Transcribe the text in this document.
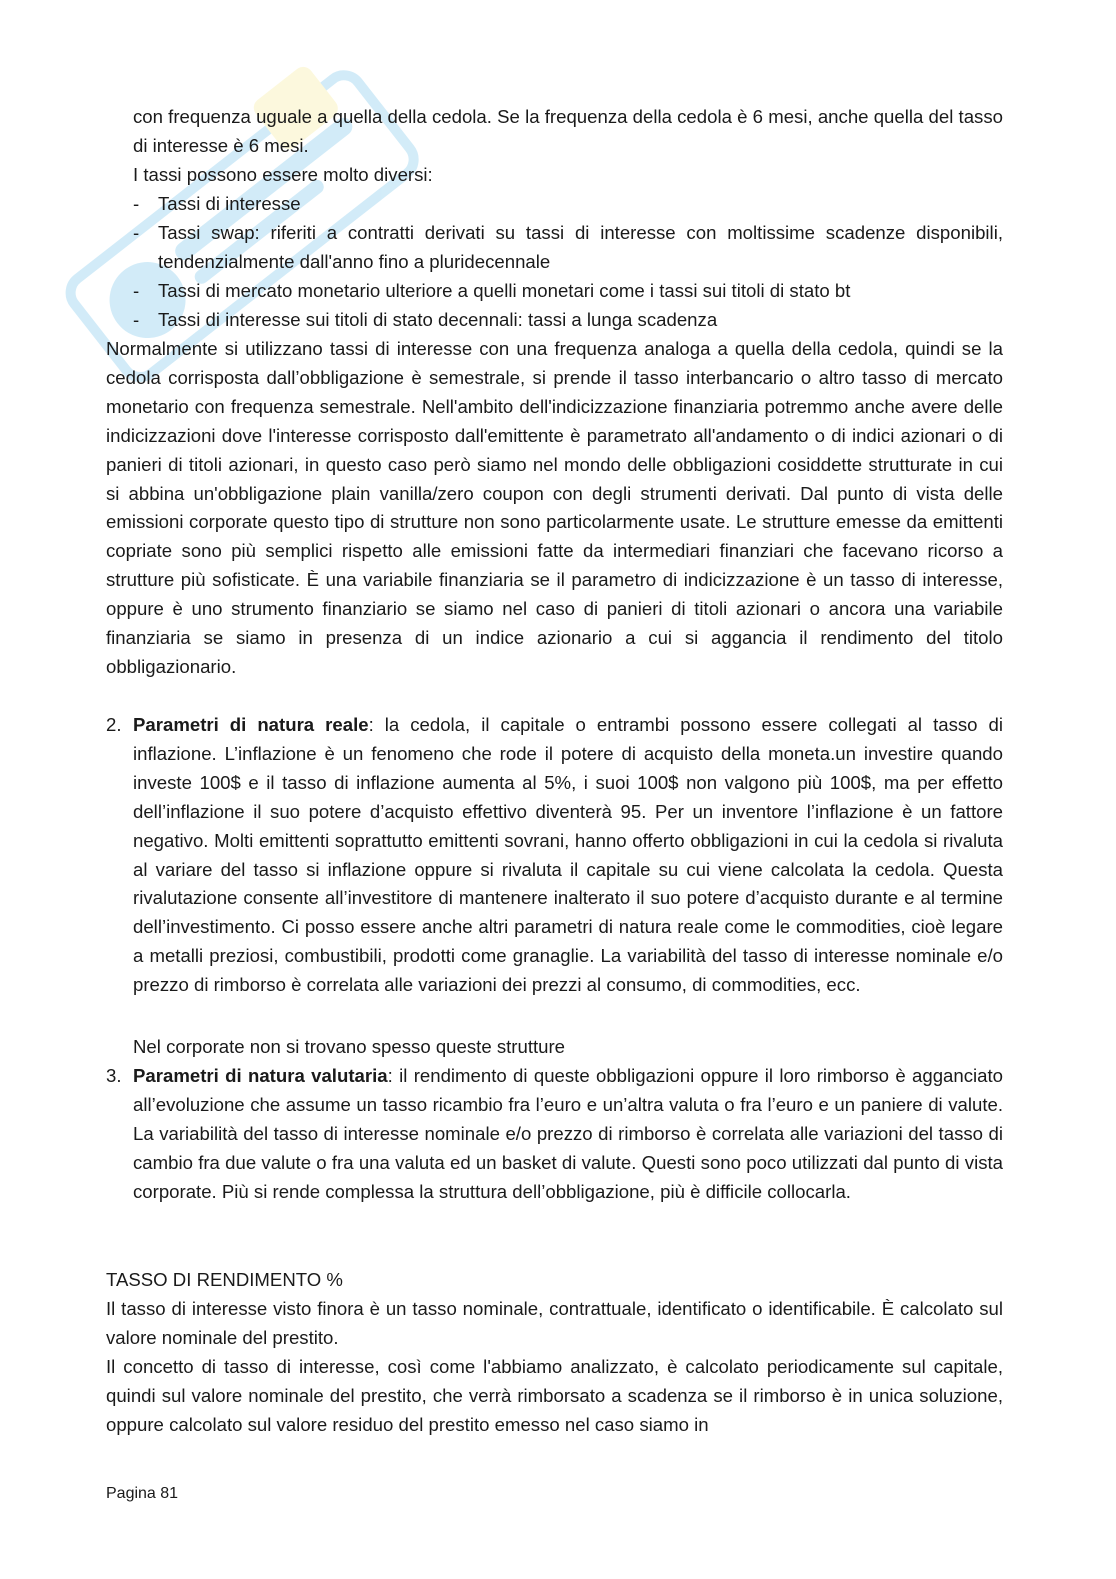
con frequenza uguale a quella della cedola. Se la frequenza della cedola è 6 mesi, anche quella del tasso di interesse è 6 mesi.
I tassi possono essere molto diversi:
- Tassi di interesse
- Tassi swap: riferiti a contratti derivati su tassi di interesse con moltissime scadenze disponibili, tendenzialmente dall'anno fino a pluridecennale
- Tassi di mercato monetario ulteriore a quelli monetari come i tassi sui titoli di stato bt
- Tassi di interesse sui titoli di stato decennali: tassi a lunga scadenza
Normalmente si utilizzano tassi di interesse con una frequenza analoga a quella della cedola, quindi se la cedola corrisposta dall’obbligazione è semestrale, si prende il tasso interbancario o altro tasso di mercato monetario con frequenza semestrale. Nell'ambito dell'indicizzazione finanziaria potremmo anche avere delle indicizzazioni dove l'interesse corrisposto dall'emittente è parametrato all'andamento o di indici azionari o di panieri di titoli azionari, in questo caso però siamo nel mondo delle obbligazioni cosiddette strutturate in cui si abbina un'obbligazione plain vanilla/zero coupon con degli strumenti derivati. Dal punto di vista delle emissioni corporate questo tipo di strutture non sono particolarmente usate. Le strutture emesse da emittenti copriate sono più semplici rispetto alle emissioni fatte da intermediari finanziari che facevano ricorso a strutture più sofisticate. È una variabile finanziaria se il parametro di indicizzazione è un tasso di interesse, oppure è uno strumento finanziario se siamo nel caso di panieri di titoli azionari o ancora una variabile finanziaria se siamo in presenza di un indice azionario a cui si aggancia il rendimento del titolo obbligazionario.
2. Parametri di natura reale: la cedola, il capitale o entrambi possono essere collegati al tasso di inflazione. L’inflazione è un fenomeno che rode il potere di acquisto della moneta.un investire quando investe 100$ e il tasso di inflazione aumenta al 5%, i suoi 100$ non valgono più 100$, ma per effetto dell’inflazione il suo potere d’acquisto effettivo diventerà 95. Per un inventore l’inflazione è un fattore negativo. Molti emittenti soprattutto emittenti sovrani, hanno offerto obbligazioni in cui la cedola si rivaluta al variare del tasso si inflazione oppure si rivaluta il capitale su cui viene calcolata la cedola. Questa rivalutazione consente all’investitore di mantenere inalterato il suo potere d’acquisto durante e al termine dell’investimento. Ci posso essere anche altri parametri di natura reale come le commodities, cioè legare a metalli preziosi, combustibili, prodotti come granaglie. La variabilità del tasso di interesse nominale e/o prezzo di rimborso è correlata alle variazioni dei prezzi al consumo, di commodities, ecc.
Nel corporate non si trovano spesso queste strutture
3. Parametri di natura valutaria: il rendimento di queste obbligazioni oppure il loro rimborso è agganciato all’evoluzione che assume un tasso ricambio fra l’euro e un’altra valuta o fra l’euro e un paniere di valute. La variabilità del tasso di interesse nominale e/o prezzo di rimborso è correlata alle variazioni del tasso di cambio fra due valute o fra una valuta ed un basket di valute. Questi sono poco utilizzati dal punto di vista corporate. Più si rende complessa la struttura dell’obbligazione, più è difficile collocarla.
TASSO DI RENDIMENTO %
Il tasso di interesse visto finora è un tasso nominale, contrattuale, identificato o identificabile. È calcolato sul valore nominale del prestito.
Il concetto di tasso di interesse, così come l'abbiamo analizzato, è calcolato periodicamente sul capitale, quindi sul valore nominale del prestito, che verrà rimborsato a scadenza se il rimborso è in unica soluzione, oppure calcolato sul valore residuo del prestito emesso nel caso siamo in
Pagina 81
